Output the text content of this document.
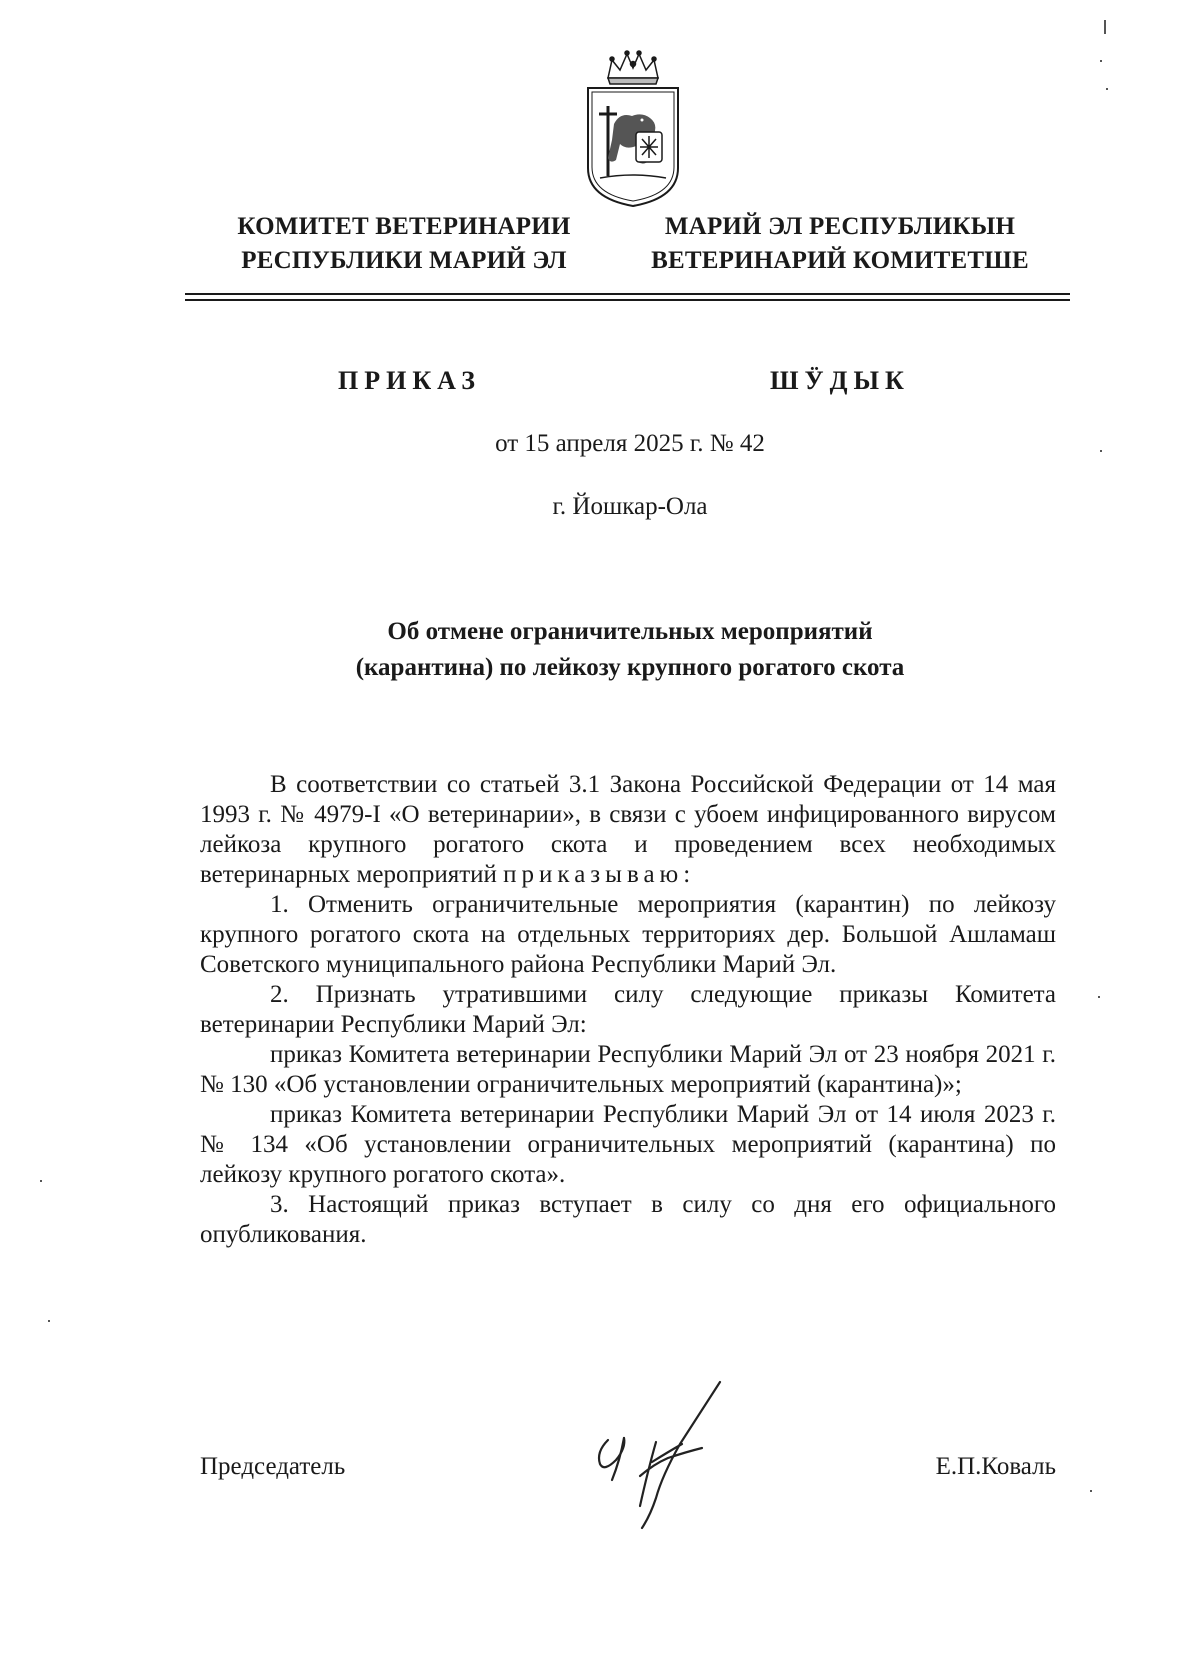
КОМИТЕТ ВЕТЕРИНАРИИ
РЕСПУБЛИКИ МАРИЙ ЭЛ
МАРИЙ ЭЛ РЕСПУБЛИКЫН
ВЕТЕРИНАРИЙ КОМИТЕТШЕ
ПРИКАЗ	ШӰДЫК
от 15 апреля 2025 г. № 42
г. Йошкар-Ола
Об отмене ограничительных мероприятий
(карантина) по лейкозу крупного рогатого скота

В соответствии со статьей 3.1 Закона Российской Федерации от 14 мая 1993 г. № 4979-I «О ветеринарии», в связи с убоем инфицированного вирусом лейкоза крупного рогатого скота и проведением всех необходимых ветеринарных мероприятий приказываю:

1. Отменить ограничительные мероприятия (карантин) по лейкозу крупного рогатого скота на отдельных территориях дер. Большой Ашламаш Советского муниципального района Республики Марий Эл.

2. Признать утратившими силу следующие приказы Комитета ветеринарии Республики Марий Эл:

приказ Комитета ветеринарии Республики Марий Эл от 23 ноября 2021 г. № 130 «Об установлении ограничительных мероприятий (карантина)»;

приказ Комитета ветеринарии Республики Марий Эл от 14 июля 2023 г. № 134 «Об установлении ограничительных мероприятий (карантина) по лейкозу крупного рогатого скота».

3. Настоящий приказ вступает в силу со дня его официального опубликования.

Председатель	Е.П.Коваль
